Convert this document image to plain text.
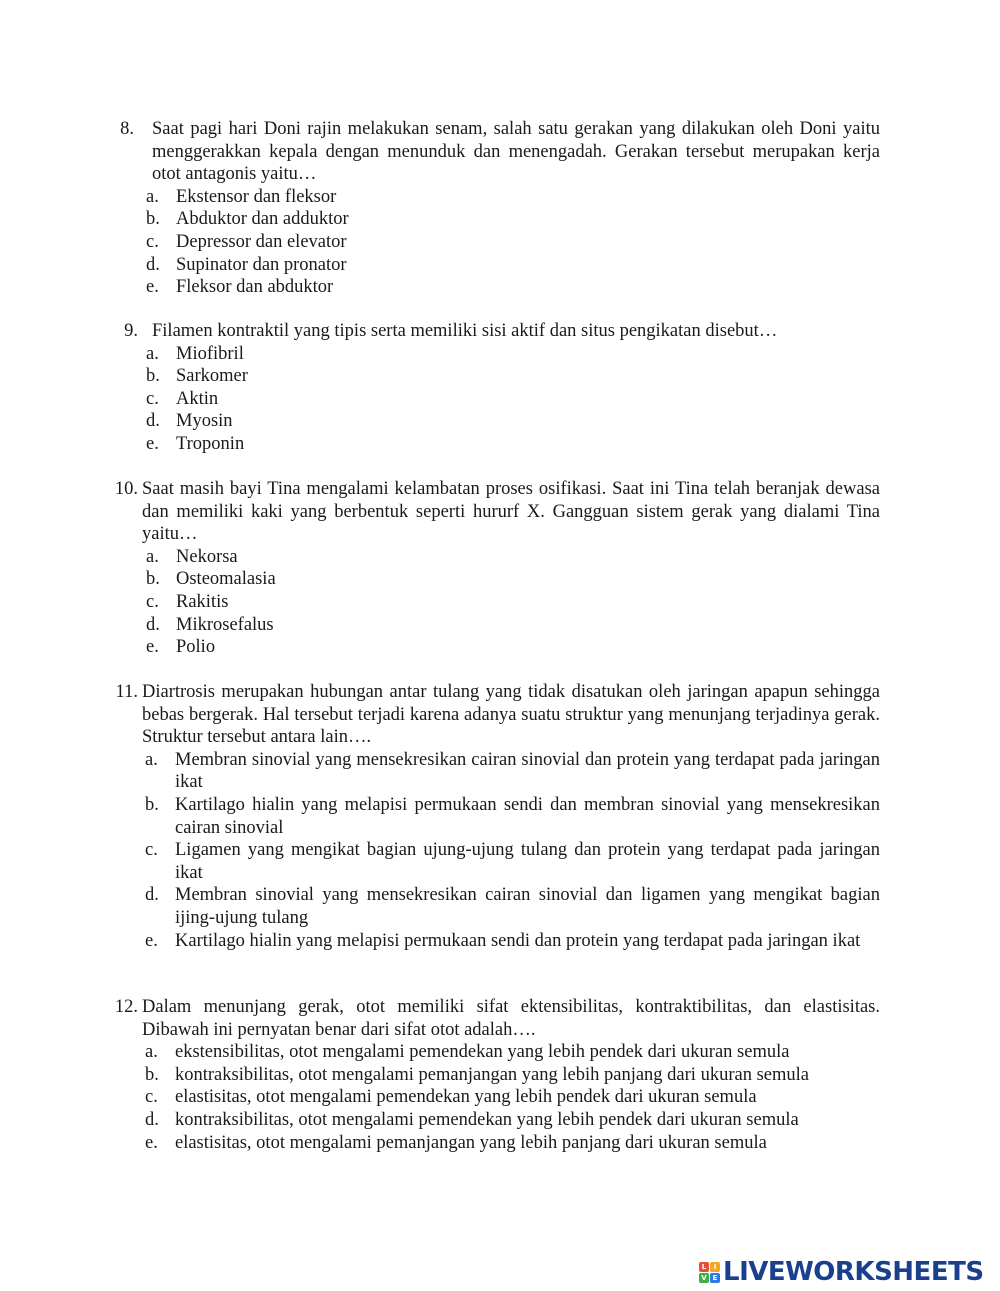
8. Saat pagi hari Doni rajin melakukan senam, salah satu gerakan yang dilakukan oleh Doni yaitu menggerakkan kepala dengan menunduk dan menengadah. Gerakan tersebut merupakan kerja otot antagonis yaitu…
a. Ekstensor dan fleksor
b. Abduktor dan adduktor
c. Depressor dan elevator
d. Supinator dan pronator
e. Fleksor dan abduktor
9. Filamen kontraktil yang tipis serta memiliki sisi aktif dan situs pengikatan disebut…
a. Miofibril
b. Sarkomer
c. Aktin
d. Myosin
e. Troponin
10. Saat masih bayi Tina mengalami kelambatan proses osifikasi. Saat ini Tina telah beranjak dewasa dan memiliki kaki yang berbentuk seperti hururf X. Gangguan sistem gerak yang dialami Tina yaitu…
a. Nekorsa
b. Osteomalasia
c. Rakitis
d. Mikrosefalus
e. Polio
11. Diartrosis merupakan hubungan antar tulang yang tidak disatukan oleh jaringan apapun sehingga bebas bergerak. Hal tersebut terjadi karena adanya suatu struktur yang menunjang terjadinya gerak. Struktur tersebut antara lain….
a. Membran sinovial yang mensekresikan cairan sinovial dan protein yang terdapat pada jaringan ikat
b. Kartilago hialin yang melapisi permukaan sendi dan membran sinovial yang mensekresikan cairan sinovial
c. Ligamen yang mengikat bagian ujung-ujung tulang dan protein yang terdapat pada jaringan ikat
d. Membran sinovial yang mensekresikan cairan sinovial dan ligamen yang mengikat bagian ijing-ujung tulang
e. Kartilago hialin yang melapisi permukaan sendi dan protein yang terdapat pada jaringan ikat
12. Dalam menunjang gerak, otot memiliki sifat ektensibilitas, kontraktibilitas, dan elastisitas. Dibawah ini pernyatan benar dari sifat otot adalah….
a. ekstensibilitas, otot mengalami pemendekan yang lebih pendek dari ukuran semula
b. kontraksibilitas, otot mengalami pemanjangan yang lebih panjang dari ukuran semula
c. elastisitas, otot mengalami pemendekan yang lebih pendek dari ukuran semula
d. kontraksibilitas, otot mengalami pemendekan yang lebih pendek dari ukuran semula
e. elastisitas, otot mengalami pemanjangan yang lebih panjang dari ukuran semula
L	I
V E LIVEWORKSHEETS
